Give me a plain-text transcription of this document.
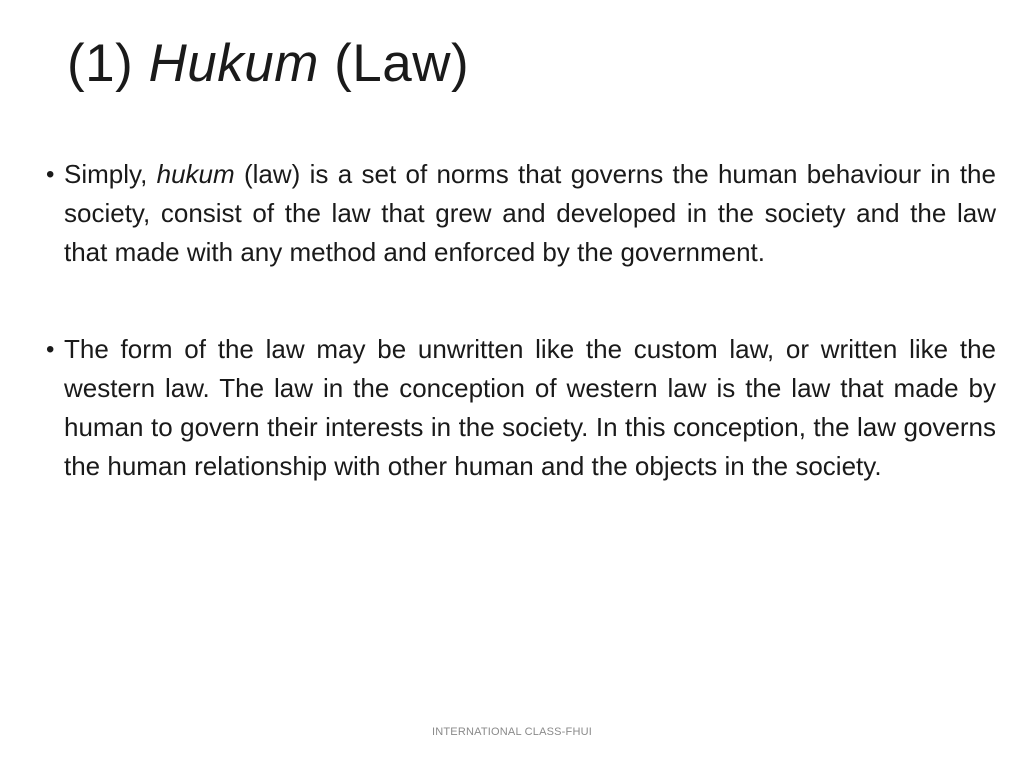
(1) Hukum (Law)
• Simply, hukum (law) is a set of norms that governs the human behaviour in the society, consist of the law that grew and developed in the society and the law that made with any method and enforced by the government.
• The form of the law may be unwritten like the custom law, or written like the western law. The law in the conception of western law is the law that made by human to govern their interests in the society. In this conception, the law governs the human relationship with other human and the objects in the society.
INTERNATIONAL CLASS-FHUI
